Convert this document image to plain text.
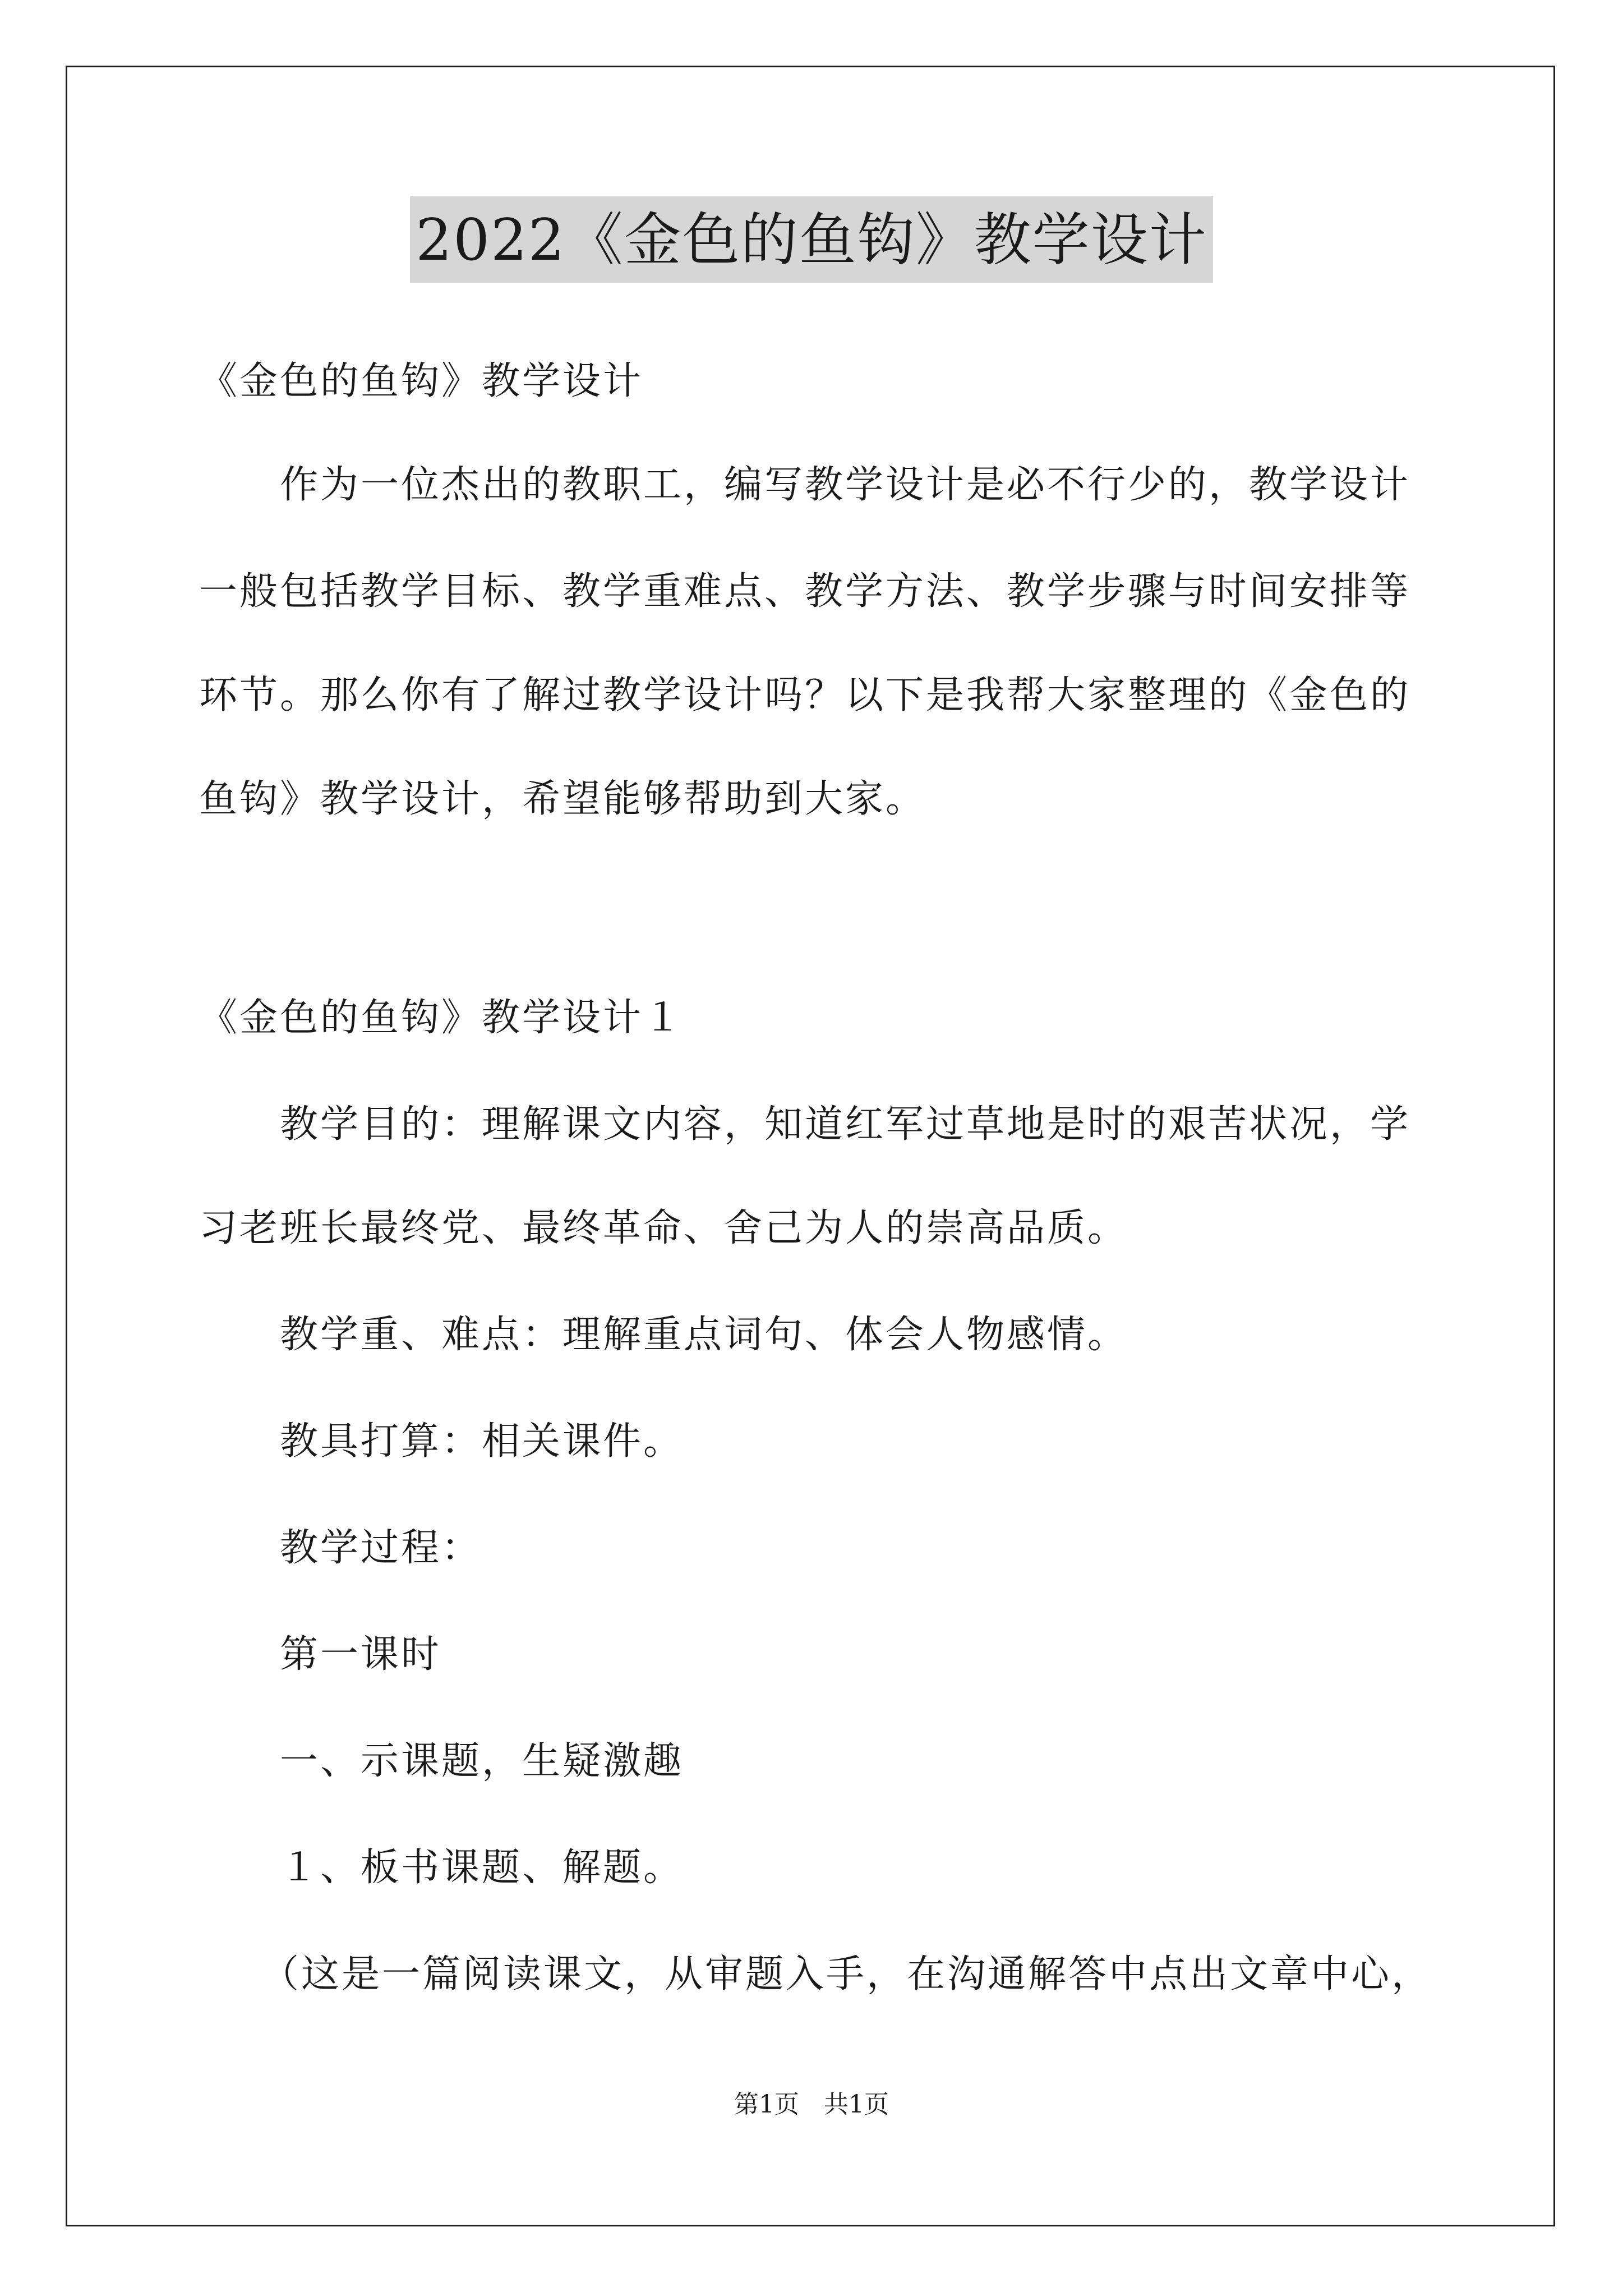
2022《金色的鱼钩》教学设计
《金色的鱼钩》教学设计
　　作为一位杰出的教职工，编写教学设计是必不行少的，教学设计
一般包括教学目标、教学重难点、教学方法、教学步骤与时间安排等
环节。那么你有了解过教学设计吗？以下是我帮大家整理的《金色的
鱼钩》教学设计，希望能够帮助到大家。
《金色的鱼钩》教学设计１
　　教学目的：理解课文内容，知道红军过草地是时的艰苦状况，学
习老班长最终党、最终革命、舍己为人的崇高品质。
　　教学重、难点：理解重点词句、体会人物感情。
　　教具打算：相关课件。
　　教学过程：
　　第一课时
　　一、示课题，生疑激趣
　　１、板书课题、解题。
　　（这是一篇阅读课文，从审题入手，在沟通解答中点出文章中心，
第1页　共1页
